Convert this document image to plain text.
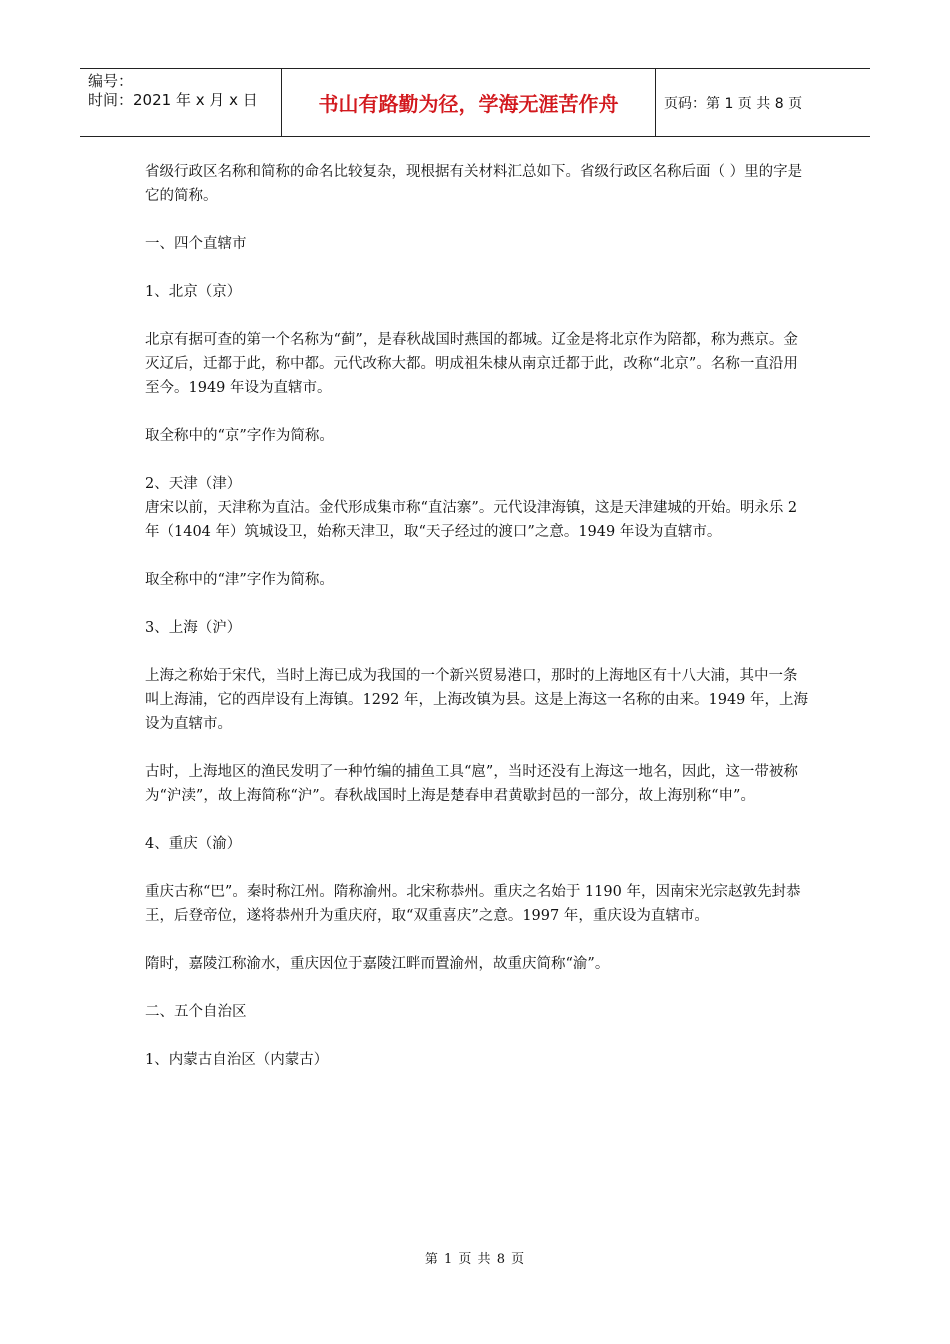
编号：
时间：2021 年 x 月 x 日	书山有路勤为径，学海无涯苦作舟	页码：第 1 页 共 8 页

省级行政区名称和简称的命名比较复杂，现根据有关材料汇总如下。省级行政区名称后面（ ）里的字是它的简称。

一、四个直辖市

1、北京（京）

北京有据可查的第一个名称为“蓟”，是春秋战国时燕国的都城。辽金是将北京作为陪都，称为燕京。金灭辽后，迁都于此，称中都。元代改称大都。明成祖朱棣从南京迁都于此，改称“北京”。名称一直沿用至今。1949 年设为直辖市。

取全称中的“京”字作为简称。

2、天津（津）

唐宋以前，天津称为直沽。金代形成集市称“直沽寨”。元代设津海镇，这是天津建城的开始。明永乐 2 年（1404 年）筑城设卫，始称天津卫，取“天子经过的渡口”之意。1949 年设为直辖市。

取全称中的“津”字作为简称。

3、上海（沪）

上海之称始于宋代，当时上海已成为我国的一个新兴贸易港口，那时的上海地区有十八大浦，其中一条叫上海浦，它的西岸设有上海镇。1292 年，上海改镇为县。这是上海这一名称的由来。1949 年，上海设为直辖市。

古时，上海地区的渔民发明了一种竹编的捕鱼工具“扈”，当时还没有上海这一地名，因此，这一带被称为“沪渎”，故上海简称“沪”。春秋战国时上海是楚春申君黄歇封邑的一部分，故上海别称“申”。

4、重庆（渝）

重庆古称“巴”。秦时称江州。隋称渝州。北宋称恭州。重庆之名始于 1190 年，因南宋光宗赵敦先封恭王，后登帝位，遂将恭州升为重庆府，取“双重喜庆”之意。1997 年，重庆设为直辖市。

隋时，嘉陵江称渝水，重庆因位于嘉陵江畔而置渝州，故重庆简称“渝”。

二、五个自治区

1、内蒙古自治区（内蒙古）

第 1 页 共 8 页
